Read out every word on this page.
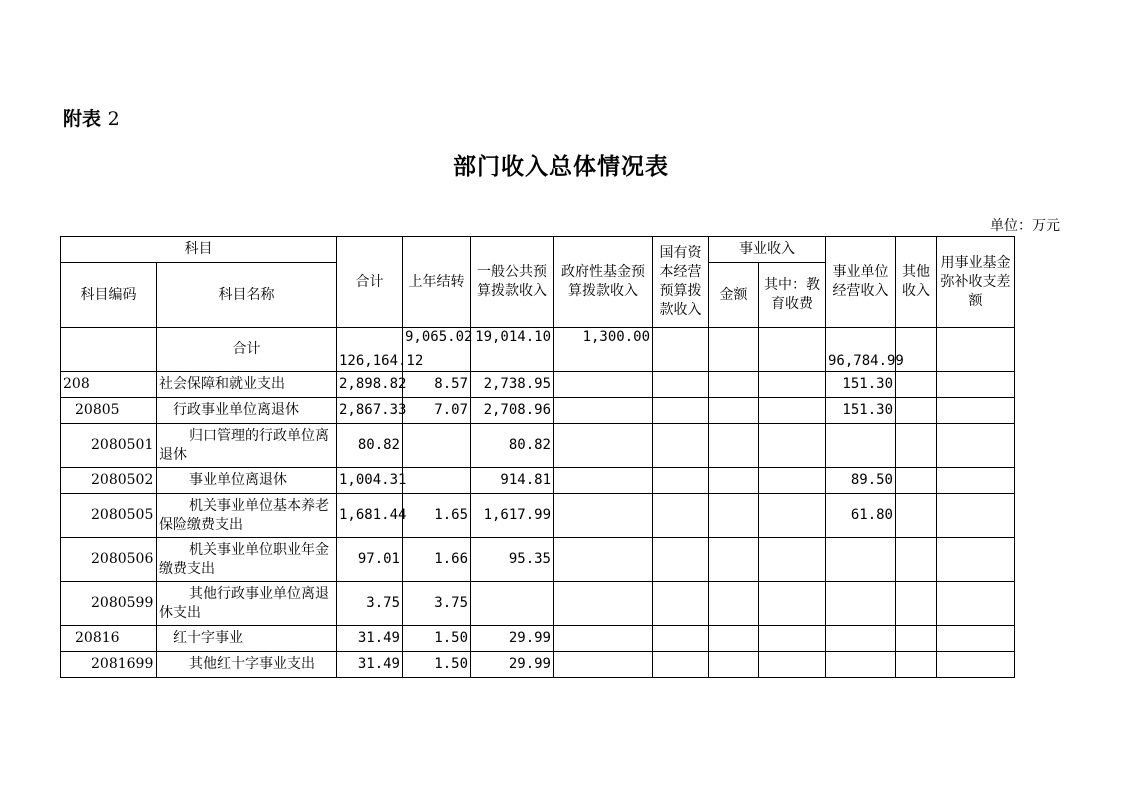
附表 2
部门收入总体情况表
单位：万元
科目		合计	上年结转	一般公共预算拨款收入	政府性基金预算拨款收入	国有资本经营预算拨款收入	事业收入		事业单位经营收入	其他收入	用事业基金弥补收支差额
科目编码	科目名称						金额	其中：教育收费			
	合计	126,164.12	9,065.02	19,014.10	1,300.00				96,784.99		
208	社会保障和就业支出	2,898.82	8.57	2,738.95					151.30		
20805	行政事业单位离退休	2,867.33	7.07	2,708.96					151.30		
2080501	归口管理的行政单位离退休	80.82		80.82							
2080502	事业单位离退休	1,004.31		914.81					89.50		
2080505	机关事业单位基本养老保险缴费支出	1,681.44	1.65	1,617.99					61.80		
2080506	机关事业单位职业年金缴费支出	97.01	1.66	95.35							
2080599	其他行政事业单位离退休支出	3.75	3.75								
20816	红十字事业	31.49	1.50	29.99							
2081699	其他红十字事业支出	31.49	1.50	29.99							
